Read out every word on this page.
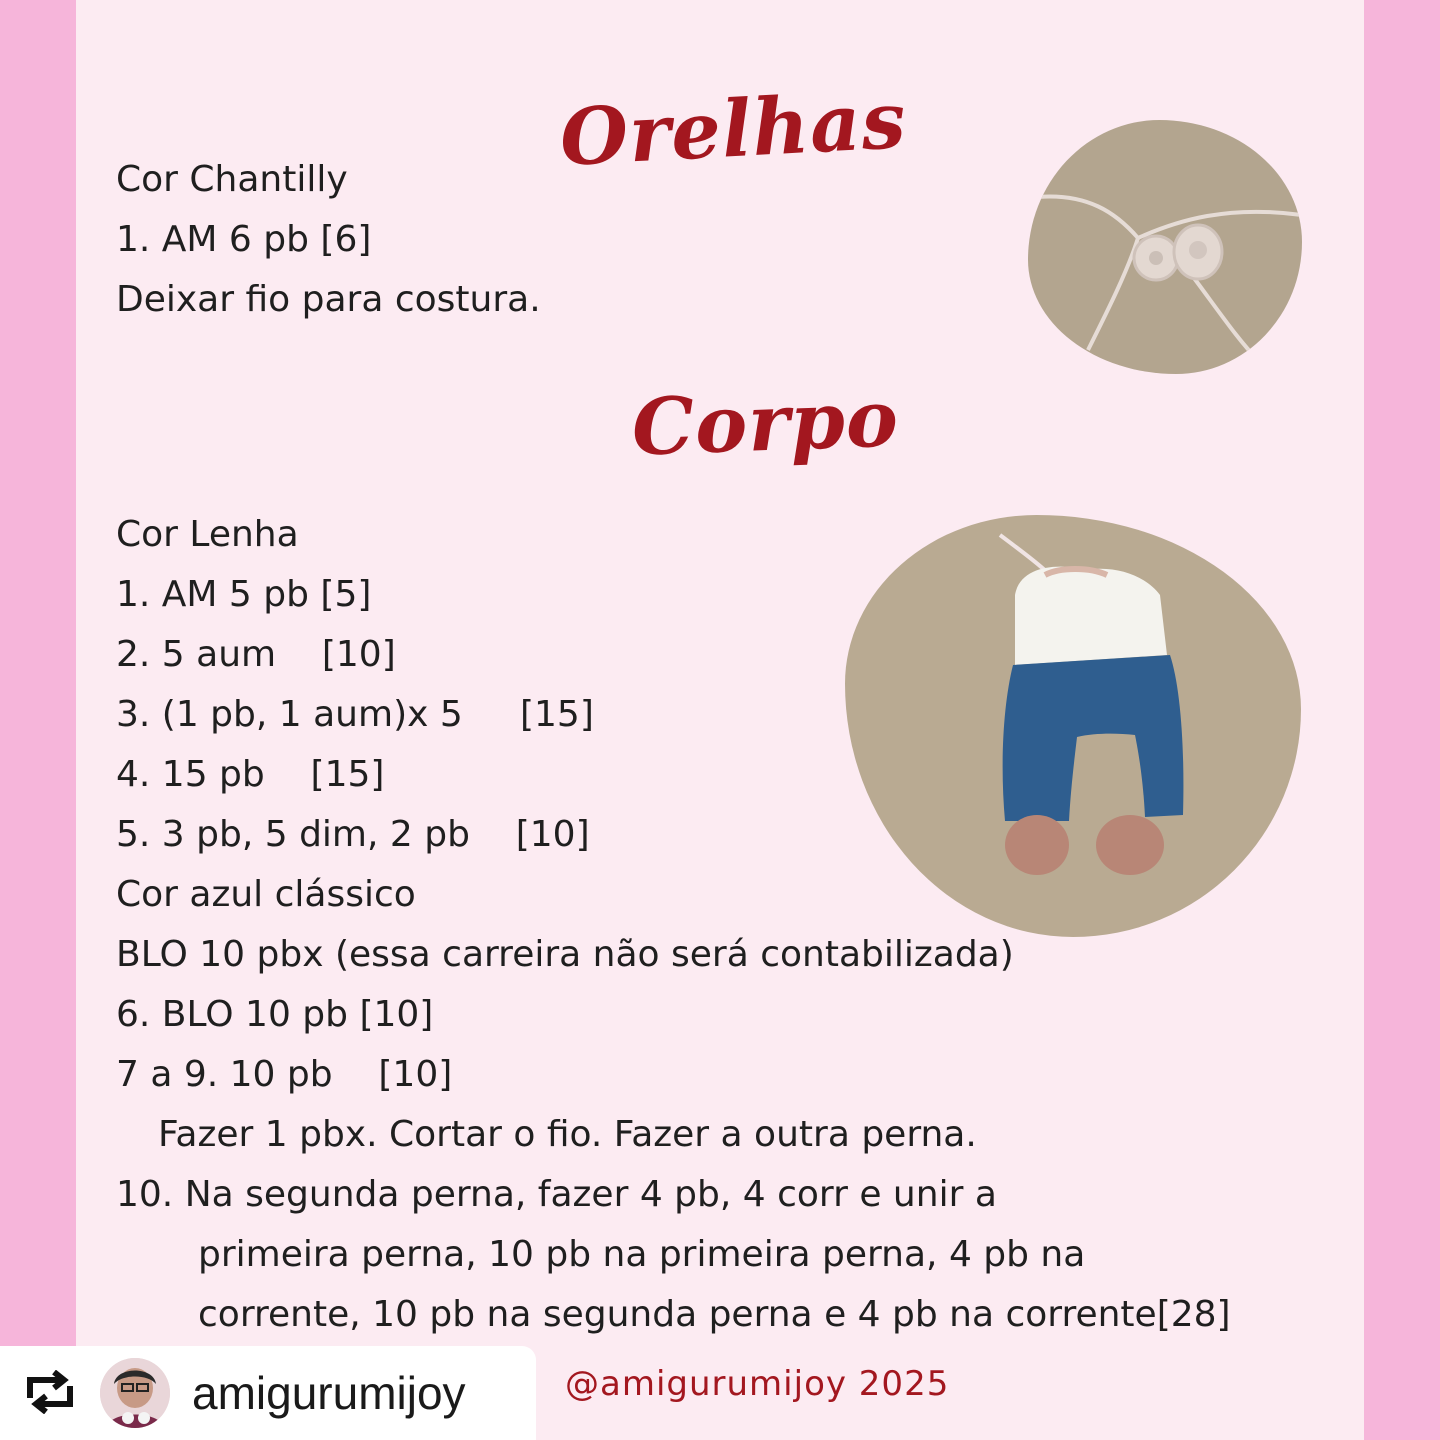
Orelhas
Cor Chantilly
1. AM 6 pb [6]
Deixar fio para costura.
Corpo
Cor Lenha
1. AM 5 pb [5]
2. 5 aum    [10]
3. (1 pb, 1 aum)x 5     [15]
4. 15 pb    [15]
5. 3 pb, 5 dim, 2 pb    [10]
Cor azul clássico
BLO 10 pbx (essa carreira não será contabilizada)
6. BLO 10 pb [10]
7 a 9. 10 pb    [10]
Fazer 1 pbx. Cortar o fio. Fazer a outra perna.
10. Na segunda perna, fazer 4 pb, 4 corr e unir a
primeira perna, 10 pb na primeira perna, 4 pb na
corrente, 10 pb na segunda perna e 4 pb na corrente[28]
@amigurumijoy 2025
amigurumijoy
